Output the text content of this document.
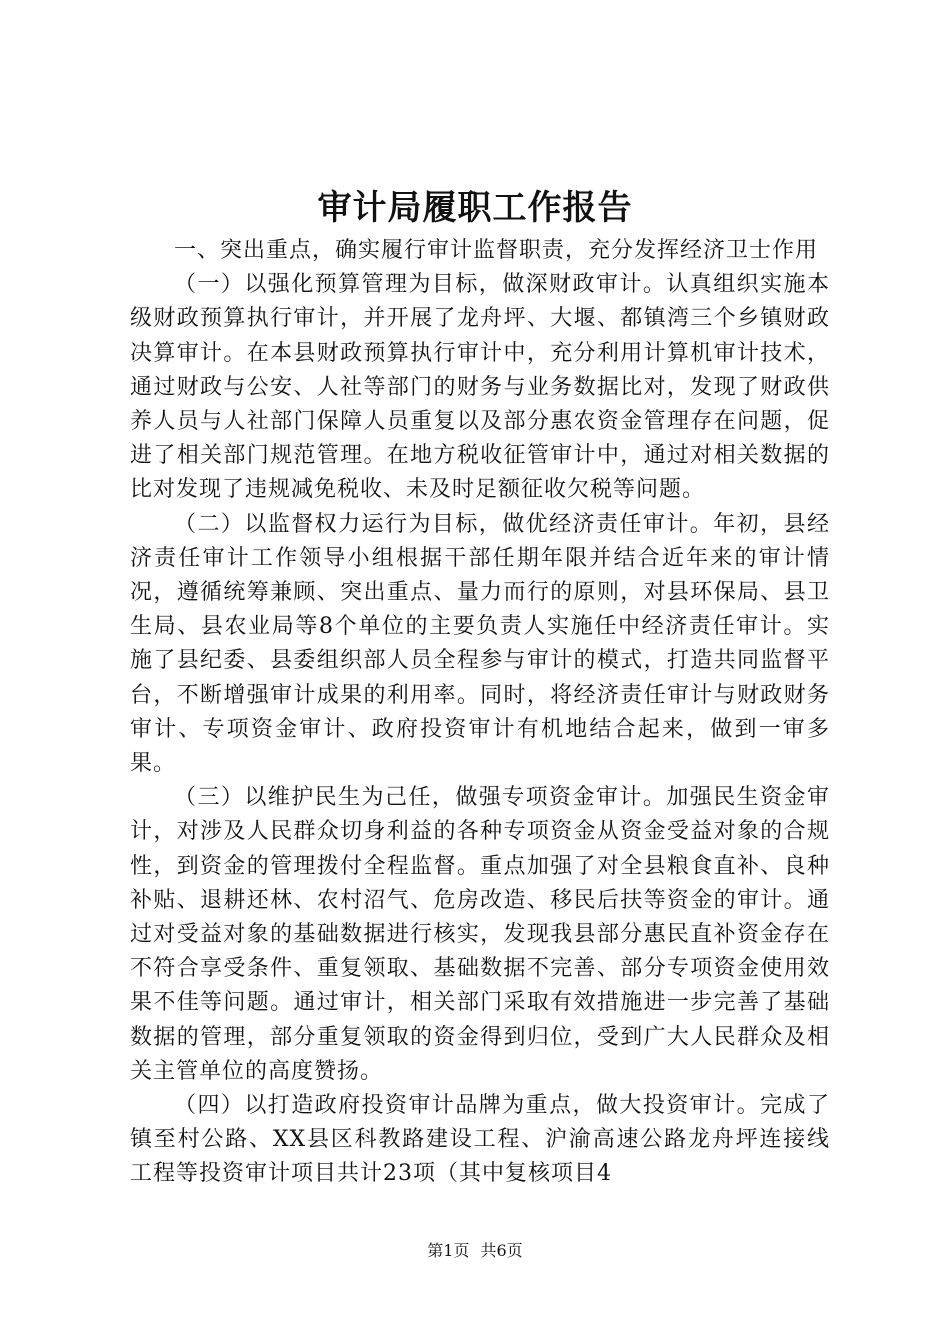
审计局履职工作报告

一、突出重点，确实履行审计监督职责，充分发挥经济卫士作用

（一）以强化预算管理为目标，做深财政审计。认真组织实施本级财政预算执行审计，并开展了龙舟坪、大堰、都镇湾三个乡镇财政决算审计。在本县财政预算执行审计中，充分利用计算机审计技术，通过财政与公安、人社等部门的财务与业务数据比对，发现了财政供养人员与人社部门保障人员重复以及部分惠农资金管理存在问题，促进了相关部门规范管理。在地方税收征管审计中，通过对相关数据的比对发现了违规减免税收、未及时足额征收欠税等问题。

（二）以监督权力运行为目标，做优经济责任审计。年初，县经济责任审计工作领导小组根据干部任期年限并结合近年来的审计情况，遵循统筹兼顾、突出重点、量力而行的原则，对县环保局、县卫生局、县农业局等8个单位的主要负责人实施任中经济责任审计。实施了县纪委、县委组织部人员全程参与审计的模式，打造共同监督平台，不断增强审计成果的利用率。同时，将经济责任审计与财政财务审计、专项资金审计、政府投资审计有机地结合起来，做到一审多果。

（三）以维护民生为己任，做强专项资金审计。加强民生资金审计，对涉及人民群众切身利益的各种专项资金从资金受益对象的合规性，到资金的管理拨付全程监督。重点加强了对全县粮食直补、良种补贴、退耕还林、农村沼气、危房改造、移民后扶等资金的审计。通过对受益对象的基础数据进行核实，发现我县部分惠民直补资金存在不符合享受条件、重复领取、基础数据不完善、部分专项资金使用效果不佳等问题。通过审计，相关部门采取有效措施进一步完善了基础数据的管理，部分重复领取的资金得到归位，受到广大人民群众及相关主管单位的高度赞扬。

（四）以打造政府投资审计品牌为重点，做大投资审计。完成了镇至村公路、XX县区科教路建设工程、沪渝高速公路龙舟坪连接线工程等投资审计项目共计23项（其中复核项目4

第1页 共6页
